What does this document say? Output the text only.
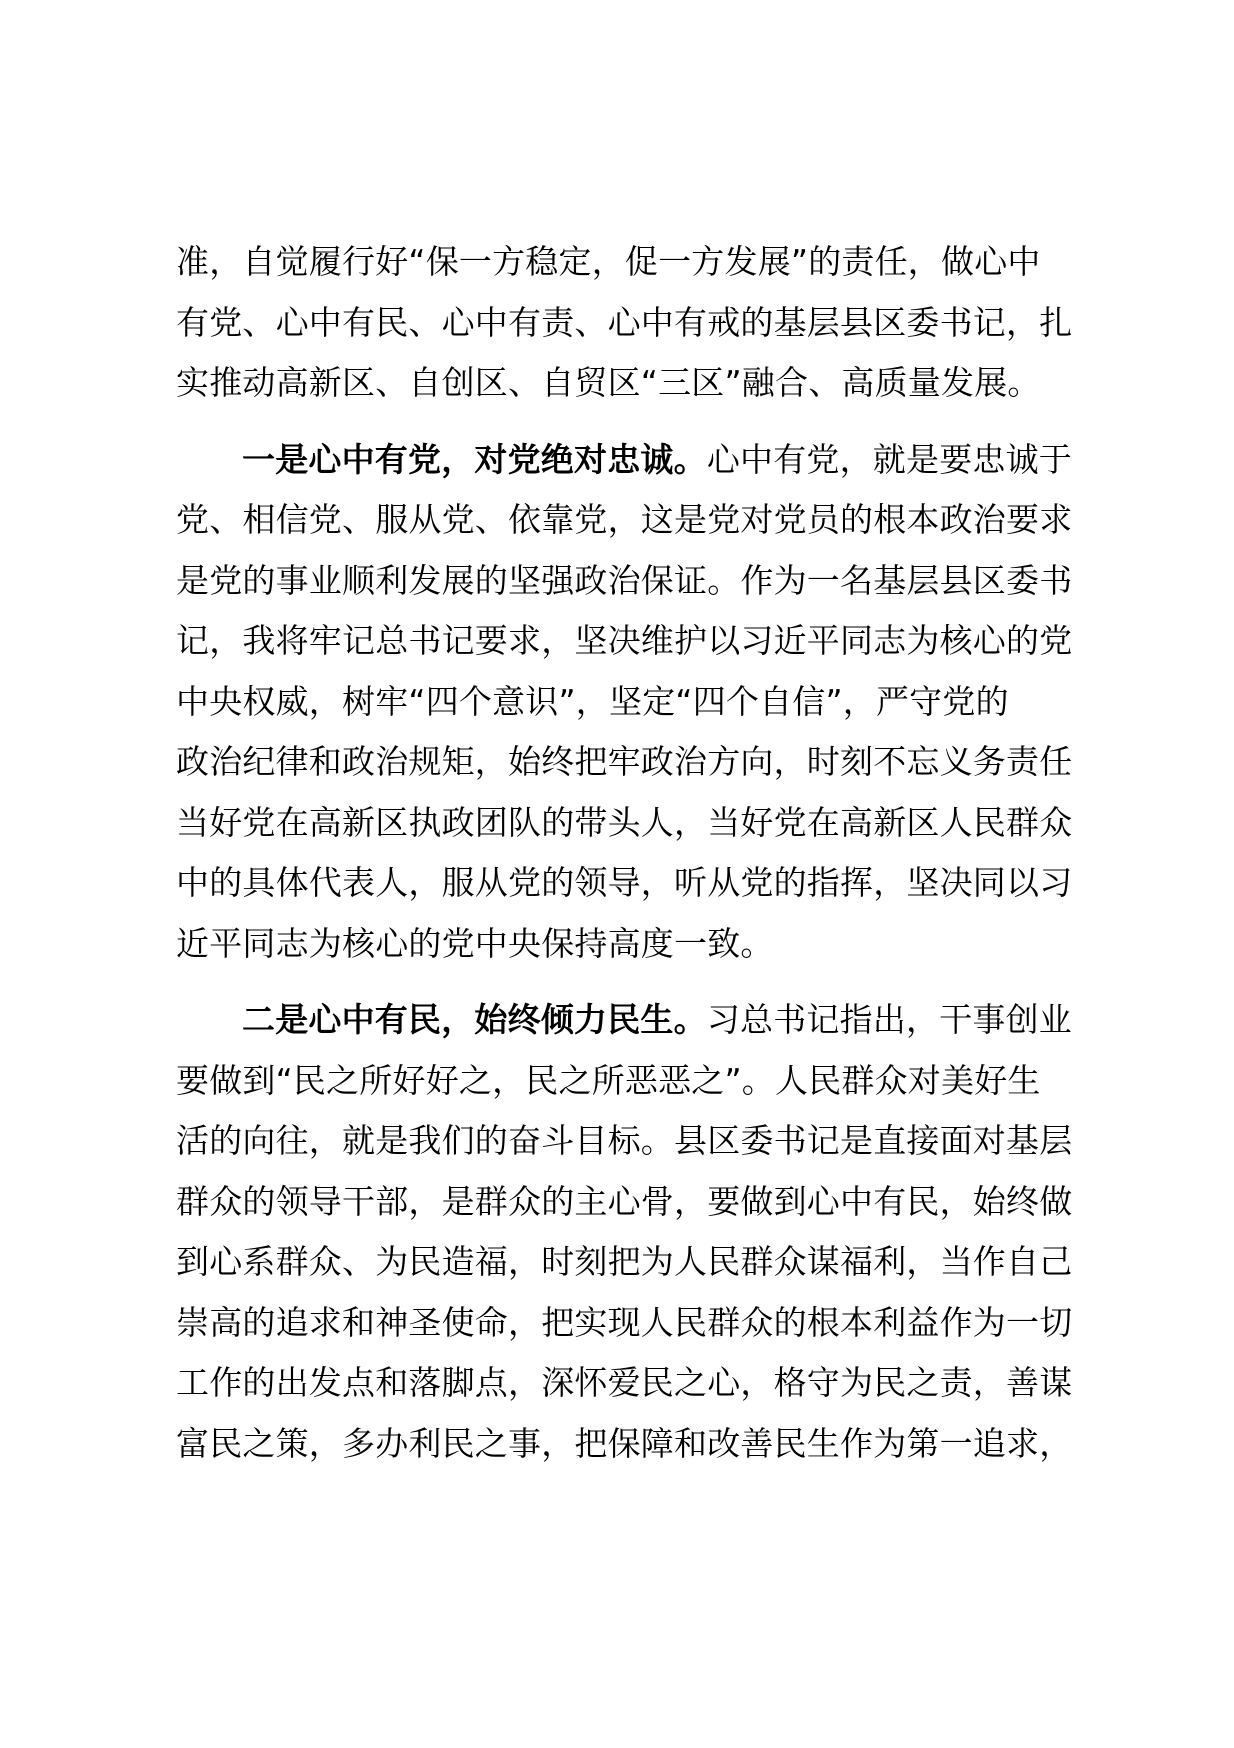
准，自觉履行好“保一方稳定，促一方发展”的责任，做心中
有党、心中有民、心中有责、心中有戒的基层县区委书记，扎
实推动高新区、自创区、自贸区“三区”融合、高质量发展。
一是心中有党，对党绝对忠诚。心中有党，就是要忠诚于
党、相信党、服从党、依靠党，这是党对党员的根本政治要求
是党的事业顺利发展的坚强政治保证。作为一名基层县区委书
记，我将牢记总书记要求，坚决维护以习近平同志为核心的党
中央权威，树牢“四个意识”，坚定“四个自信”，严守党的
政治纪律和政治规矩，始终把牢政治方向，时刻不忘义务责任
当好党在高新区执政团队的带头人，当好党在高新区人民群众
中的具体代表人，服从党的领导，听从党的指挥，坚决同以习
近平同志为核心的党中央保持高度一致。
二是心中有民，始终倾力民生。习总书记指出，干事创业
要做到“民之所好好之，民之所恶恶之”。人民群众对美好生
活的向往，就是我们的奋斗目标。县区委书记是直接面对基层
群众的领导干部，是群众的主心骨，要做到心中有民，始终做
到心系群众、为民造福，时刻把为人民群众谋福利，当作自己
崇高的追求和神圣使命，把实现人民群众的根本利益作为一切
工作的出发点和落脚点，深怀爱民之心，格守为民之责，善谋
富民之策，多办利民之事，把保障和改善民生作为第一追求，
